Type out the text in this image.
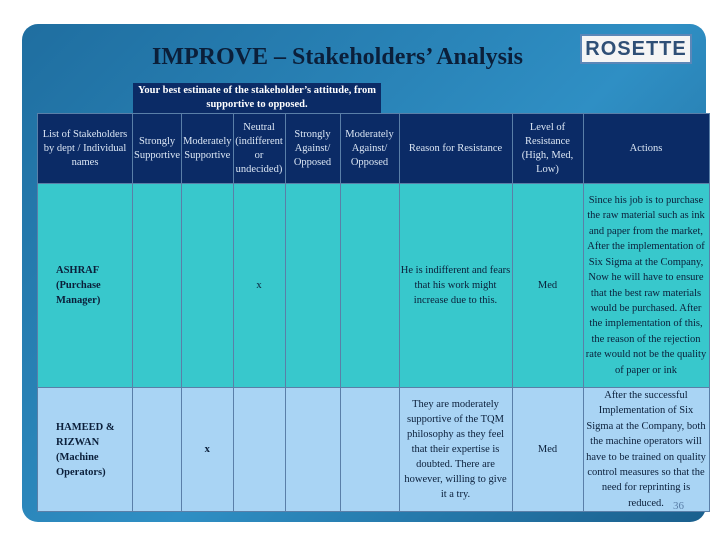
IMPROVE – Stakeholders’ Analysis	ROSETTE
Your best estimate of the stakeholder’s attitude, from supportive to opposed.
List of Stakeholders by dept / Individual names	Strongly Supportive	Moderately Supportive	Neutral (indifferent or undecided)	Strongly Against/ Opposed	Moderately Against/ Opposed	Reason for Resistance	Level of Resistance (High, Med, Low)	Actions
ASHRAF (Purchase Manager)			x			He is indifferent and fears that his work might increase due to this.	Med	Since his job is to purchase the raw material such as ink and paper from the market, After the implementation of Six Sigma at the Company, Now he will have to ensure that the best raw materials would be purchased. After the implementation of this, the reason of the rejection rate would not be the quality of paper or ink
HAMEED & RIZWAN (Machine Operators)		x				They are moderately supportive of the TQM philosophy as they feel that their expertise is doubted. There are however, willing to give it a try.	Med	After the successful Implementation of Six Sigma at the Company, both the machine operators will have to be trained on quality control measures so that the need for reprinting is reduced. 36
